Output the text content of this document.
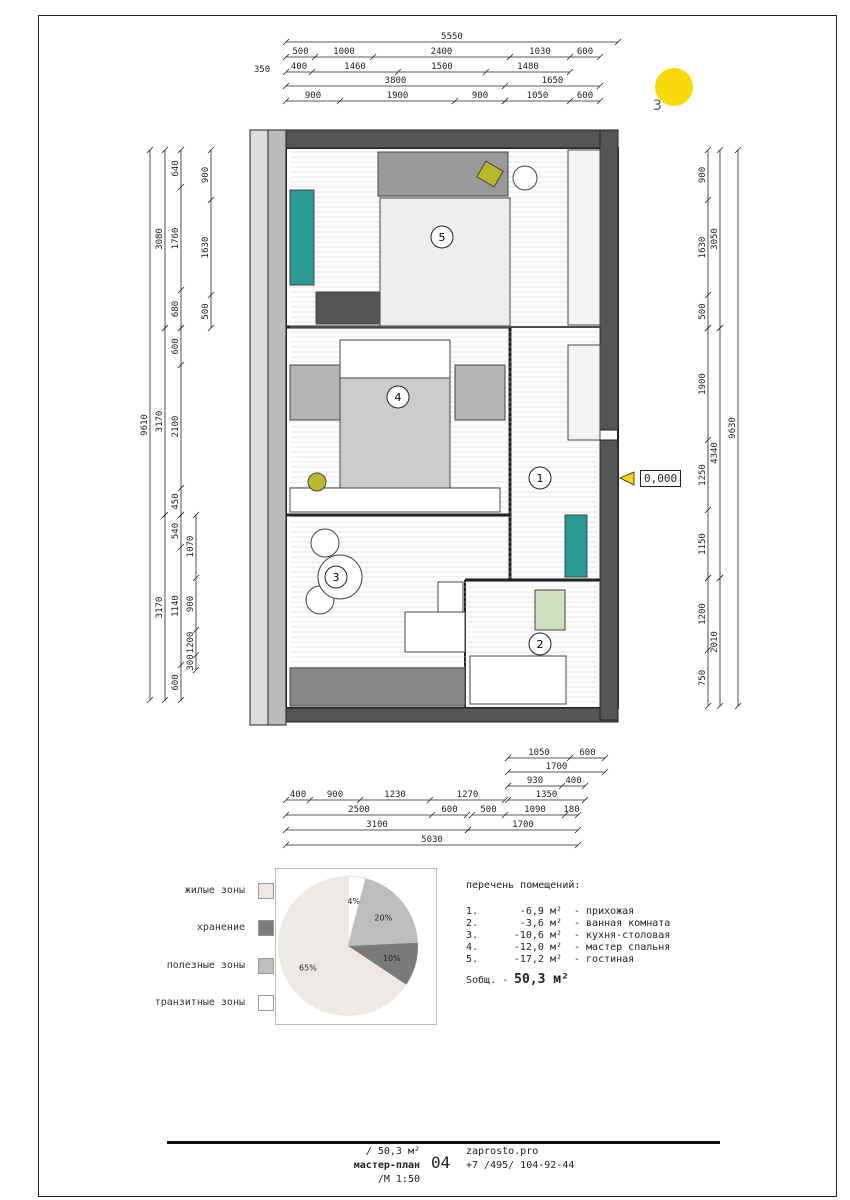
1
2
3
4
5
5550
500	1000	2400	1030	600
400	1460	1500	1480
350
3800	1650
900	1900	900	1050	600
3080
640
1760
680
900
1630
500
3170
600
2100
450
3170
540
1140
600
1070
900
1200
300
9610
900
1630
500
3050
1900
1250
1150
4340
9630
1200
750
2010
1050	600
1700
930 400
1350
400 900	1230	1270
2500	600	500	1090 180
3100	1700
5030
0,000
3
жилые зоны
хранение
полезные зоны
транзитные зоны
4%
20%
10%
65%
перечень помещений:
1.	-6,9 м² - прихожая
2.	-3,6 м² - ванная комната
3.	-10,6 м² - кухня-столовая
4.	-12,0 м² - мастер спальня
5.	-17,2 м² - гостиная
Sобщ. - 50,3 м²
/ 50,3 м²
мастер-план
/М 1:50
04
zaprosto.pro
+7 /495/ 104-92-44
